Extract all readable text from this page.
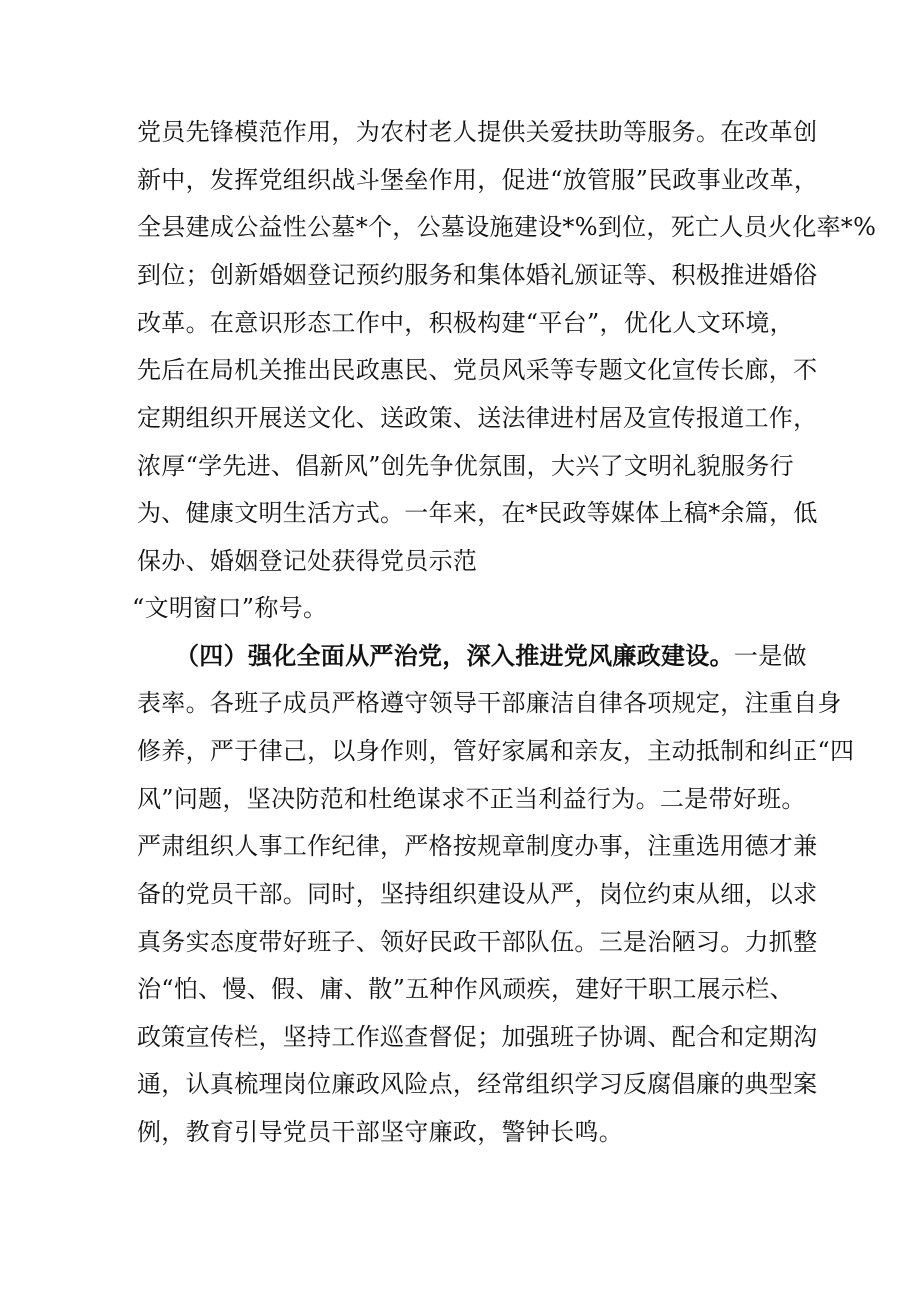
党员先锋模范作用，为农村老人提供关爱扶助等服务。在改革创
新中，发挥党组织战斗堡垒作用，促进“放管服”民政事业改革，
全县建成公益性公墓*个，公墓设施建设*%到位，死亡人员火化率*%
到位；创新婚姻登记预约服务和集体婚礼颁证等、积极推进婚俗
改革。在意识形态工作中，积极构建“平台”，优化人文环境，
先后在局机关推出民政惠民、党员风采等专题文化宣传长廊，不
定期组织开展送文化、送政策、送法律进村居及宣传报道工作，
浓厚“学先进、倡新风”创先争优氛围，大兴了文明礼貌服务行
为、健康文明生活方式。一年来，在*民政等媒体上稿*余篇，低
保办、婚姻登记处获得党员示范
“文明窗口”称号。
（四）强化全面从严治党，深入推进党风廉政建设。一是做
表率。各班子成员严格遵守领导干部廉洁自律各项规定，注重自身
修养，严于律己，以身作则，管好家属和亲友，主动抵制和纠正“四
风”问题，坚决防范和杜绝谋求不正当利益行为。二是带好班。
严肃组织人事工作纪律，严格按规章制度办事，注重选用德才兼
备的党员干部。同时，坚持组织建设从严，岗位约束从细，以求
真务实态度带好班子、领好民政干部队伍。三是治陋习。力抓整
治“怕、慢、假、庸、散”五种作风顽疾，建好干职工展示栏、
政策宣传栏，坚持工作巡查督促；加强班子协调、配合和定期沟
通，认真梳理岗位廉政风险点，经常组织学习反腐倡廉的典型案
例，教育引导党员干部坚守廉政，警钟长鸣。
